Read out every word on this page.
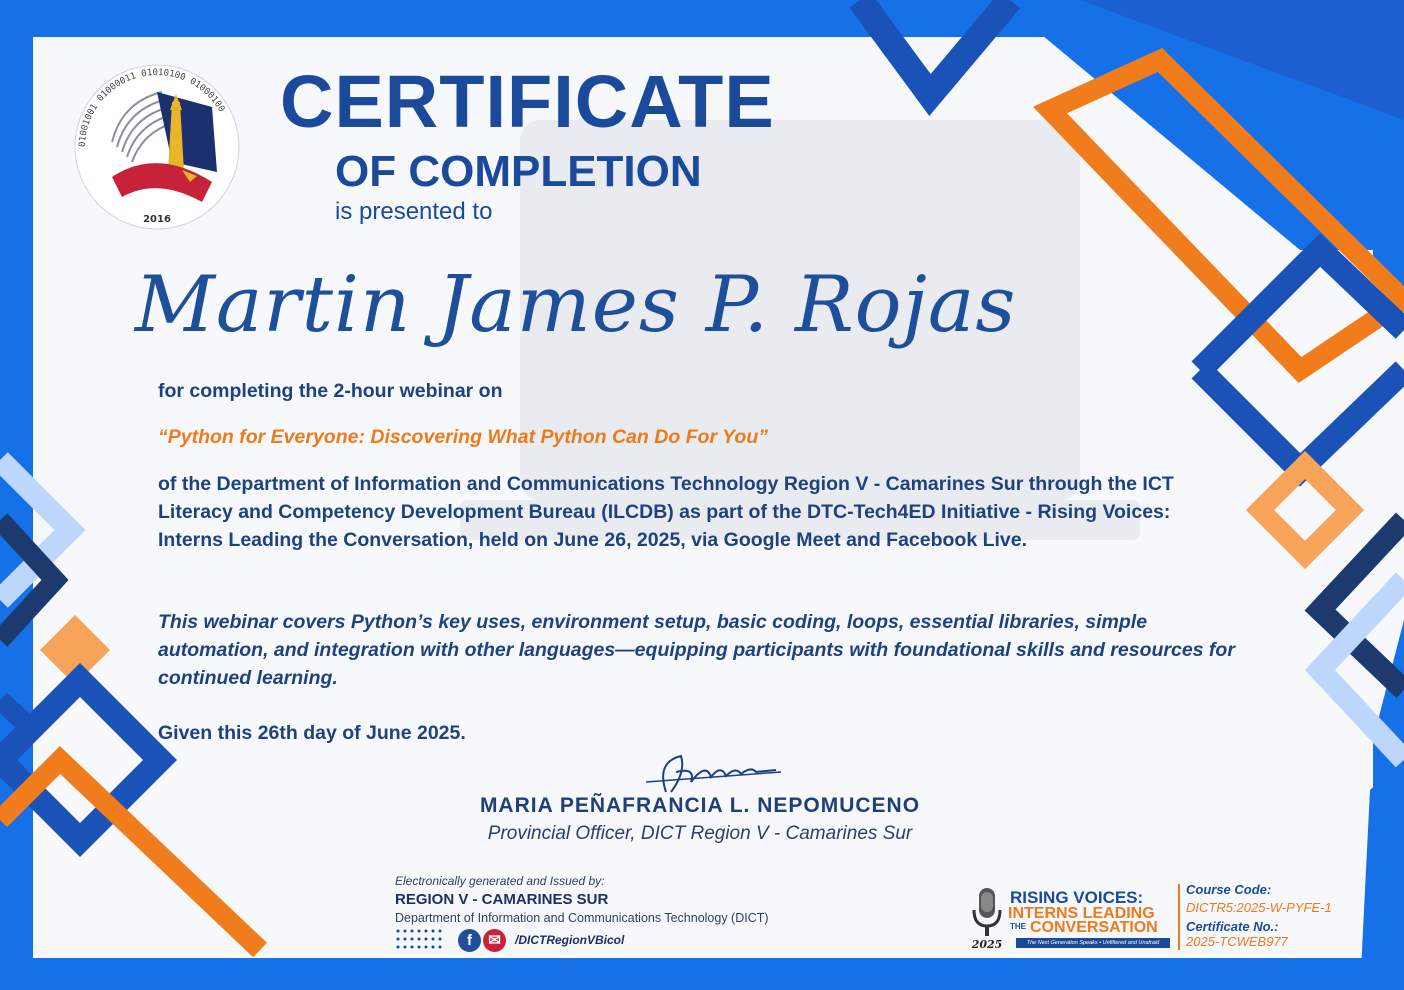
2016
01001001 01000011 01010100 01000100 CERTIFICATE
OF COMPLETION
is presented to
Martin James P. Rojas
for completing the 2-hour webinar on
“Python for Everyone: Discovering What Python Can Do For You”
of the Department of Information and Communications Technology Region V - Camarines Sur through the ICT Literacy and Competency Development Bureau (ILCDB) as part of the DTC-Tech4ED Initiative - Rising Voices: Interns Leading the Conversation, held on June 26, 2025, via Google Meet and Facebook Live.
This webinar covers Python’s key uses, environment setup, basic coding, loops, essential libraries, simple automation, and integration with other languages—equipping participants with foundational skills and resources for continued learning.
Given this 26th day of June 2025.
MARIA PEÑAFRANCIA L. NEPOMUCENO
Provincial Officer, DICT Region V - Camarines Sur
Electronically generated and Issued by:
REGION V - CAMARINES SUR
Department of Information and Communications Technology (DICT)
f	✉	/DICTRegionVBicol	2025
RISING VOICES:
INTERNS LEADING
THE CONVERSATION
The Next Generation Speaks • Unfiltered and Unafraid
Course Code:
DICTR5:2025-W-PYFE-1
Certificate No.:
2025-TCWEB977
